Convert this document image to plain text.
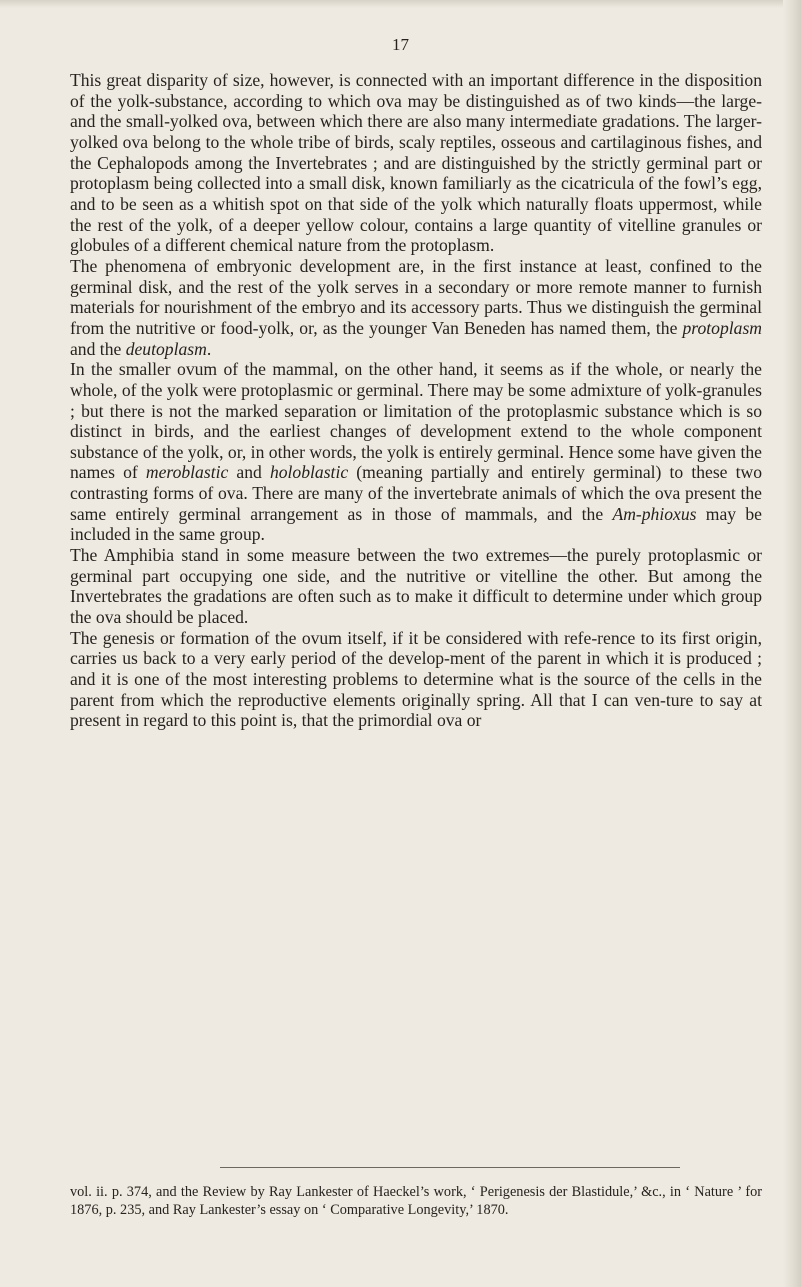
17

This great disparity of size, however, is connected with an important difference in the disposition of the yolk-substance, according to which ova may be distinguished as of two kinds—the large- and the small-yolked ova, between which there are also many intermediate gradations. The larger-yolked ova belong to the whole tribe of birds, scaly reptiles, osseous and cartilaginous fishes, and the Cephalopods among the Invertebrates ; and are distinguished by the strictly germinal part or protoplasm being collected into a small disk, known familiarly as the cicatricula of the fowl’s egg, and to be seen as a whitish spot on that side of the yolk which naturally floats uppermost, while the rest of the yolk, of a deeper yellow colour, contains a large quantity of vitelline granules or globules of a different chemical nature from the protoplasm.

The phenomena of embryonic development are, in the first instance at least, confined to the germinal disk, and the rest of the yolk serves in a secondary or more remote manner to furnish materials for nourishment of the embryo and its accessory parts. Thus we distinguish the germinal from the nutritive or food-yolk, or, as the younger Van Beneden has named them, the protoplasm and the deutoplasm.

In the smaller ovum of the mammal, on the other hand, it seems as if the whole, or nearly the whole, of the yolk were protoplasmic or germinal. There may be some admixture of yolk-granules ; but there is not the marked separation or limitation of the protoplasmic substance which is so distinct in birds, and the earliest changes of development extend to the whole component substance of the yolk, or, in other words, the yolk is entirely germinal. Hence some have given the names of meroblastic and holoblastic (meaning partially and entirely germinal) to these two contrasting forms of ova. There are many of the invertebrate animals of which the ova present the same entirely germinal arrangement as in those of mammals, and the Am-phioxus may be included in the same group.

The Amphibia stand in some measure between the two extremes—the purely protoplasmic or germinal part occupying one side, and the nutritive or vitelline the other. But among the Invertebrates the gradations are often such as to make it difficult to determine under which group the ova should be placed.

The genesis or formation of the ovum itself, if it be considered with refe-rence to its first origin, carries us back to a very early period of the develop-ment of the parent in which it is produced ; and it is one of the most interesting problems to determine what is the source of the cells in the parent from which the reproductive elements originally spring. All that I can ven-ture to say at present in regard to this point is, that the primordial ova or

vol. ii. p. 374, and the Review by Ray Lankester of Haeckel’s work, ‘ Perigenesis der Blastidule,’ &c., in ‘ Nature ’ for 1876, p. 235, and Ray Lankester’s essay on ‘ Comparative Longevity,’ 1870.
